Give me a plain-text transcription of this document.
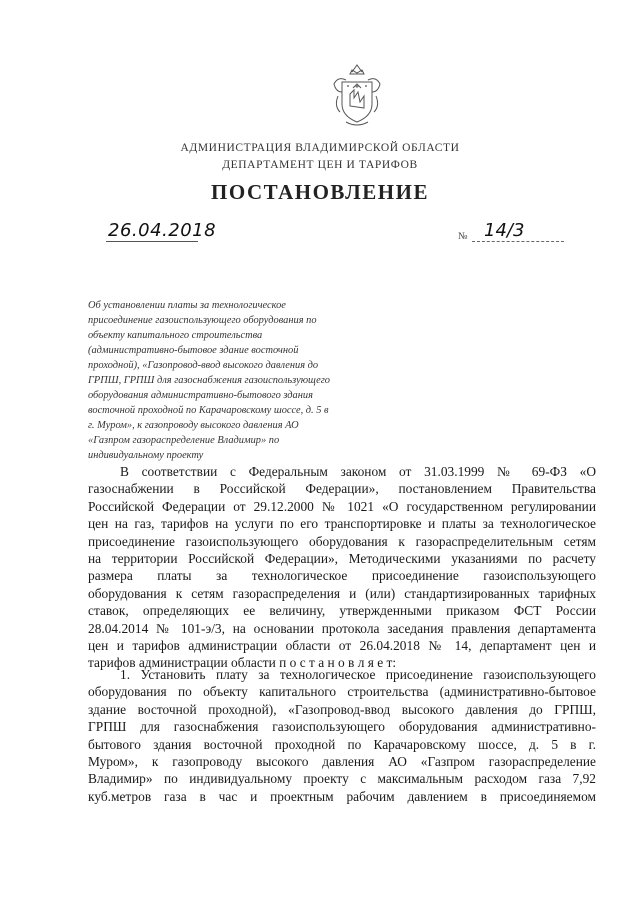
АДМИНИСТРАЦИЯ ВЛАДИМИРСКОЙ ОБЛАСТИ
ДЕПАРТАМЕНТ ЦЕН И ТАРИФОВ
ПОСТАНОВЛЕНИЕ
26.04.2018	№ 14/3
Об установлении платы за технологическое
присоединение газоиспользующего оборудования по
объекту капитального строительства
(административно-бытовое здание восточной
проходной), «Газопровод-ввод высокого давления до
ГРПШ, ГРПШ для газоснабжения газоиспользующего
оборудования административно-бытового здания
восточной проходной по Карачаровскому шоссе, д. 5 в
г. Муром», к газопроводу высокого давления АО
«Газпром газораспределение Владимир» по
индивидуальному проекту
В соответствии с Федеральным законом от 31.03.1999 № 69-ФЗ «О
газоснабжении в Российской Федерации», постановлением Правительства
Российской Федерации от 29.12.2000 № 1021 «О государственном регулировании
цен на газ, тарифов на услуги по его транспортировке и платы за технологическое
присоединение газоиспользующего оборудования к газораспределительным сетям
на территории Российской Федерации», Методическими указаниями по расчету
размера платы за технологическое присоединение газоиспользующего
оборудования к сетям газораспределения и (или) стандартизированных тарифных
ставок, определяющих ее величину, утвержденными приказом ФСТ России
28.04.2014 № 101-э/3, на основании протокола заседания правления департамента
цен и тарифов администрации области от 26.04.2018 № 14, департамент цен и
тарифов администрации области п о с т а н о в л я е т:
1. Установить плату за технологическое присоединение газоиспользующего
оборудования по объекту капитального строительства (административно-бытовое
здание восточной проходной), «Газопровод-ввод высокого давления до ГРПШ,
ГРПШ для газоснабжения газоиспользующего оборудования административно-
бытового здания восточной проходной по Карачаровскому шоссе, д. 5 в г.
Муром», к газопроводу высокого давления АО «Газпром газораспределение
Владимир» по индивидуальному проекту с максимальным расходом газа 7,92
куб.метров газа в час и проектным рабочим давлением в присоединяемом
